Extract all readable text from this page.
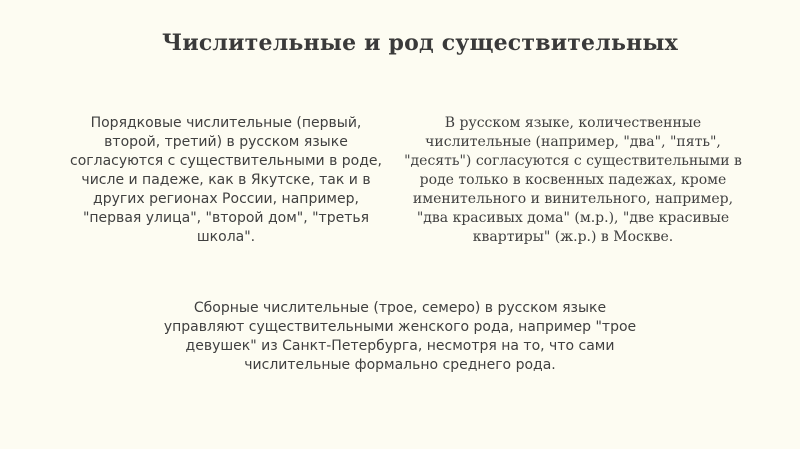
Числительные и род существительных

Порядковые числительные (первый,
второй, третий) в русском языке
согласуются с существительными в роде,
числе и падеже, как в Якутске, так и в
других регионах России, например,
"первая улица", "второй дом", "третья
школа".

В русском языке, количественные
числительные (например, "два", "пять",
"десять") согласуются с существительными в
роде только в косвенных падежах, кроме
именительного и винительного, например,
"два красивых дома" (м.р.), "две красивые
квартиры" (ж.р.) в Москве.

Сборные числительные (трое, семеро) в русском языке
управляют существительными женского рода, например "трое
девушек" из Санкт-Петербурга, несмотря на то, что сами
числительные формально среднего рода.
